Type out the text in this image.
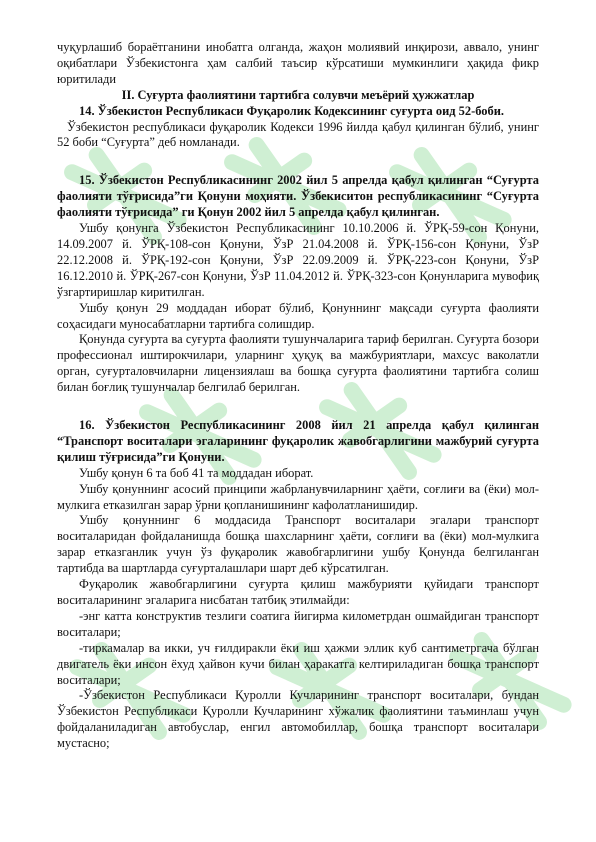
чуқурлашиб бораётганини инобатга олганда, жаҳон молиявий инқирози, аввало, унинг оқибатлари Ўзбекистонга ҳам салбий таъсир кўрсатиши мумкинлиги ҳақида фикр юритилади

II. Суғурта фаолиятини тартибга солувчи меъёрий ҳужжатлар

14. Ўзбекистон Республикаси Фуқаролик Кодексининг суғурта оид 52-боби.

Ўзбекистон республикаси фуқаролик Кодекси 1996 йилда қабул қилинган бўлиб, унинг 52 боби “Суғурта” деб номланади.

15. Ўзбекистон Республикасининг 2002 йил 5 апрелда қабул қилинган “Суғурта фаолияти тўғрисида”ги Қонуни моҳияти. Ўзбекиситон республикасининг “Суғурта фаолияти тўғрисида” ги Қонун 2002 йил 5 апрелда қабул қилинган.

Ушбу қонунга Ўзбекистон Республикасининг 10.10.2006 й. ЎРҚ-59-сон Қонуни, 14.09.2007 й. ЎРҚ-108-сон Қонуни, ЎзР 21.04.2008 й. ЎРҚ-156-сон Қонуни, ЎзР 22.12.2008 й. ЎРҚ-192-сон Қонуни, ЎзР 22.09.2009 й. ЎРҚ-223-сон Қонуни, ЎзР 16.12.2010 й. ЎРҚ-267-сон Қонуни, ЎзР 11.04.2012 й. ЎРҚ-323-сон Қонунларига мувофиқ ўзгартиришлар киритилган.

Ушбу қонун 29 моддадан иборат бўлиб, Қонуннинг мақсади суғурта фаолияти соҳасидаги муносабатларни тартибга солишдир.

Қонунда суғурта ва суғурта фаолияти тушунчаларига тариф берилган. Суғурта бозори профессионал иштирокчилари, уларнинг ҳуқуқ ва мажбуриятлари, махсус ваколатли орган, суғурталовчиларни лицензиялаш ва бошқа суғурта фаолиятини тартибга солиш билан боғлиқ тушунчалар белгилаб берилган.

16. Ўзбекистон Республикасининг 2008 йил 21 апрелда қабул қилинган “Транспорт воситалари эгаларининг фуқаролик жавобгарлигини мажбурий суғурта қилиш тўғрисида”ги Қонуни.

Ушбу қонун 6 та боб 41 та моддадан иборат.

Ушбу қонуннинг асосий принципи жабрланувчиларнинг ҳаёти, соғлиғи ва (ёки) мол-мулкига етказилган зарар ўрни қопланишининг кафолатланишидир.

Ушбу қонуннинг 6 моддасида Транспорт воситалари эгалари транспорт воситаларидан фойдаланишда бошқа шахсларнинг ҳаёти, соғлиғи ва (ёки) мол-мулкига зарар етказганлик учун ўз фуқаролик жавобгарлигини ушбу Қонунда белгиланган тартибда ва шартларда суғурталашлари шарт деб кўрсатилган.

Фуқаролик жавобгарлигини суғурта қилиш мажбурияти қуйидаги транспорт воситаларининг эгаларига нисбатан татбиқ этилмайди:

-энг катта конструктив тезлиги соатига йигирма километрдан ошмайдиган транспорт воситалари;

-тиркамалар ва икки, уч ғилдиракли ёки иш ҳажми эллик куб сантиметргача бўлган двигатель ёки инсон ёхуд ҳайвон кучи билан ҳаракатга келтириладиган бошқа транспорт воситалари;

-Ўзбекистон Республикаси Қуролли Кучларининг транспорт воситалари, бундан Ўзбекистон Республикаси Қуролли Кучларининг хўжалик фаолиятини таъминлаш учун фойдаланиладиган автобуслар, енгил автомобиллар, бошқа транспорт воситалари мустасно;
